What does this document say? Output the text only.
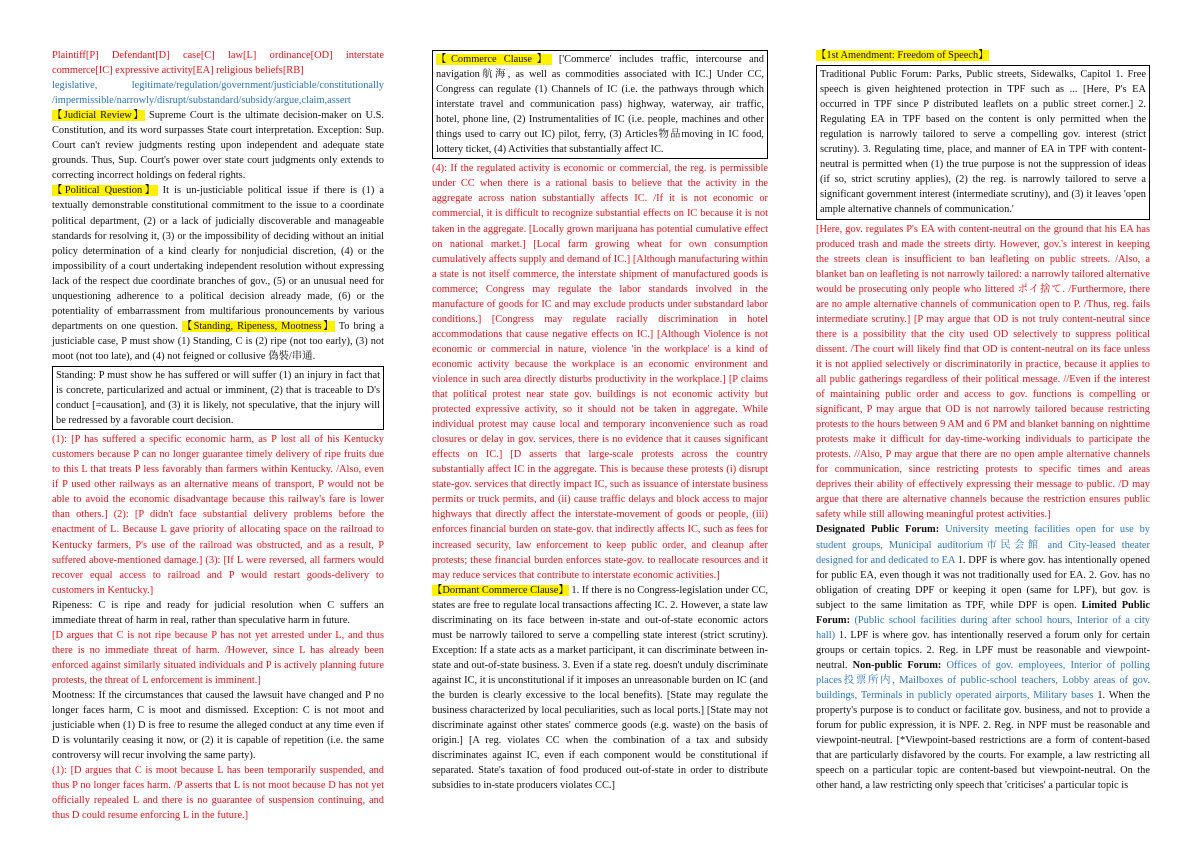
Plaintiff[P] Defendant[D] case[C] law[L] ordinance[OD] interstate commerce[IC] expressive activity[EA] religious beliefs[RB]

legislative, legitimate/regulation/government/justiciable/constitutionally /impermissible/narrowly/disrupt/substandard/subsidy/argue,claim,assert

【Judicial Review】 Supreme Court is the ultimate decision-maker on U.S. Constitution, and its word surpasses State court interpretation. Exception: Sup. Court can't review judgments resting upon independent and adequate state grounds. Thus, Sup. Court's power over state court judgments only extends to correcting incorrect holdings on federal rights.

【Political Question】 It is un-justiciable political issue if there is (1) a textually demonstrable constitutional commitment to the issue to a coordinate political department, (2) or a lack of judicially discoverable and manageable standards for resolving it, (3) or the impossibility of deciding without an initial policy determination of a kind clearly for nonjudicial discretion, (4) or the impossibility of a court undertaking independent resolution without expressing lack of the respect due coordinate branches of gov., (5) or an unusual need for unquestioning adherence to a political decision already made, (6) or the potentiality of embarrassment from multifarious pronouncements by various departments on one question. 【Standing, Ripeness, Mootness】 To bring a justiciable case, P must show (1) Standing, C is (2) ripe (not too early), (3) not moot (not too late), and (4) not feigned or collusive 偽裝/串通.

Standing: P must show he has suffered or will suffer (1) an injury in fact that is concrete, particularized and actual or imminent, (2) that is traceable to D's conduct [=causation], and (3) it is likely, not speculative, that the injury will be redressed by a favorable court decision.

(1): [P has suffered a specific economic harm, as P lost all of his Kentucky customers because P can no longer guarantee timely delivery of ripe fruits due to this L that treats P less favorably than farmers within Kentucky. /Also, even if P used other railways as an alternative means of transport, P would not be able to avoid the economic disadvantage because this railway's fare is lower than others.] (2): [P didn't face substantial delivery problems before the enactment of L. Because L gave priority of allocating space on the railroad to Kentucky farmers, P's use of the railroad was obstructed, and as a result, P suffered above-mentioned damage.] (3): [If L were reversed, all farmers would recover equal access to railroad and P would restart goods-delivery to customers in Kentucky.]

Ripeness: C is ripe and ready for judicial resolution when C suffers an immediate threat of harm in real, rather than speculative harm in future.

[D argues that C is not ripe because P has not yet arrested under L, and thus there is no immediate threat of harm. /However, since L has already been enforced against similarly situated individuals and P is actively planning future protests, the threat of L enforcement is imminent.]

Mootness: If the circumstances that caused the lawsuit have changed and P no longer faces harm, C is moot and dismissed. Exception: C is not moot and justiciable when (1) D is free to resume the alleged conduct at any time even if D is voluntarily ceasing it now, or (2) it is capable of repetition (i.e. the same controversy will recur involving the same party).

(1): [D argues that C is moot because L has been temporarily suspended, and thus P no longer faces harm. /P asserts that L is not moot because D has not yet officially repealed L and there is no guarantee of suspension continuing, and thus D could resume enforcing L in the future.]

【Commerce Clause】 ['Commerce' includes traffic, intercourse and navigation航海, as well as commodities associated with IC.] Under CC, Congress can regulate (1) Channels of IC (i.e. the pathways through which interstate travel and communication pass) highway, waterway, air traffic, hotel, phone line, (2) Instrumentalities of IC (i.e. people, machines and other things used to carry out IC) pilot, ferry, (3) Articles物品moving in IC food, lottery ticket, (4) Activities that substantially affect IC.

(4): If the regulated activity is economic or commercial, the reg. is permissible under CC when there is a rational basis to believe that the activity in the aggregate across nation substantially affects IC. /If it is not economic or commercial, it is difficult to recognize substantial effects on IC because it is not taken in the aggregate. [Locally grown marijuana has potential cumulative effect on national market.] [Local farm growing wheat for own consumption cumulatively affects supply and demand of IC.] [Although manufacturing within a state is not itself commerce, the interstate shipment of manufactured goods is commerce; Congress may regulate the labor standards involved in the manufacture of goods for IC and may exclude products under substandard labor conditions.] [Congress may regulate racially discrimination in hotel accommodations that cause negative effects on IC.] [Although Violence is not economic or commercial in nature, violence 'in the workplace' is a kind of economic activity because the workplace is an economic environment and violence in such area directly disturbs productivity in the workplace.] [P claims that political protest near state gov. buildings is not economic activity but protected expressive activity, so it should not be taken in aggregate. While individual protest may cause local and temporary inconvenience such as road closures or delay in gov. services, there is no evidence that it causes significant effects on IC.] [D asserts that large-scale protests across the country substantially affect IC in the aggregate. This is because these protests (i) disrupt state-gov. services that directly impact IC, such as issuance of interstate business permits or truck permits, and (ii) cause traffic delays and block access to major highways that directly affect the interstate-movement of goods or people, (iii) enforces financial burden on state-gov. that indirectly affects IC, such as fees for increased security, law enforcement to keep public order, and cleanup after protests; these financial burden enforces state-gov. to reallocate resources and it may reduce services that contribute to interstate economic activities.]

【Dormant Commerce Clause】 1. If there is no Congress-legislation under CC, states are free to regulate local transactions affecting IC. 2. However, a state law discriminating on its face between in-state and out-of-state economic actors must be narrowly tailored to serve a compelling state interest (strict scrutiny). Exception: If a state acts as a market participant, it can discriminate between in-state and out-of-state business. 3. Even if a state reg. doesn't unduly discriminate against IC, it is unconstitutional if it imposes an unreasonable burden on IC (and the burden is clearly excessive to the local benefits). [State may regulate the business characterized by local peculiarities, such as local ports.] [State may not discriminate against other states' commerce goods (e.g. waste) on the basis of origin.] [A reg. violates CC when the combination of a tax and subsidy discriminates against IC, even if each component would be constitutional if separated. State's taxation of food produced out-of-state in order to distribute subsidies to in-state producers violates CC.]

【1st Amendment: Freedom of Speech】

Traditional Public Forum: Parks, Public streets, Sidewalks, Capitol 1. Free speech is given heightened protection in TPF such as ... [Here, P's EA occurred in TPF since P distributed leaflets on a public street corner.] 2. Regulating EA in TPF based on the content is only permitted when the regulation is narrowly tailored to serve a compelling gov. interest (strict scrutiny). 3. Regulating time, place, and manner of EA in TPF with content-neutral is permitted when (1) the true purpose is not the suppression of ideas (if so, strict scrutiny applies), (2) the reg. is narrowly tailored to serve a significant government interest (intermediate scrutiny), and (3) it leaves 'open ample alternative channels of communication.'

[Here, gov. regulates P's EA with content-neutral on the ground that his EA has produced trash and made the streets dirty. However, gov.'s interest in keeping the streets clean is insufficient to ban leafleting on public streets. /Also, a blanket ban on leafleting is not narrowly tailored: a narrowly tailored alternative would be prosecuting only people who littered ポイ捨て. /Furthermore, there are no ample alternative channels of communication open to P. /Thus, reg. fails intermediate scrutiny.] [P may argue that OD is not truly content-neutral since there is a possibility that the city used OD selectively to suppress political dissent. /The court will likely find that OD is content-neutral on its face unless it is not applied selectively or discriminatorily in practice, because it applies to all public gatherings regardless of their political message. //Even if the interest of maintaining public order and access to gov. functions is compelling or significant, P may argue that OD is not narrowly tailored because restricting protests to the hours between 9 AM and 6 PM and blanket banning on nighttime protests make it difficult for day-time-working individuals to participate the protests. //Also, P may argue that there are no open ample alternative channels for communication, since restricting protests to specific times and areas deprives their ability of effectively expressing their message to public. /D may argue that there are alternative channels because the restriction ensures public safety while still allowing meaningful protest activities.]

Designated Public Forum: University meeting facilities open for use by student groups, Municipal auditorium市民会館 and City-leased theater designed for and dedicated to EA 1. DPF is where gov. has intentionally opened for public EA, even though it was not traditionally used for EA. 2. Gov. has no obligation of creating DPF or keeping it open (same for LPF), but gov. is subject to the same limitation as TPF, while DPF is open. Limited Public Forum: (Public school facilities during after school hours, Interior of a city hall) 1. LPF is where gov. has intentionally reserved a forum only for certain groups or certain topics. 2. Reg. in LPF must be reasonable and viewpoint-neutral. Non-public Forum: Offices of gov. employees, Interior of polling places投票所内, Mailboxes of public-school teachers, Lobby areas of gov. buildings, Terminals in publicly operated airports, Military bases 1. When the property's purpose is to conduct or facilitate gov. business, and not to provide a forum for public expression, it is NPF. 2. Reg. in NPF must be reasonable and viewpoint-neutral. [*Viewpoint-based restrictions are a form of content-based that are particularly disfavored by the courts. For example, a law restricting all speech on a particular topic are content-based but viewpoint-neutral. On the other hand, a law restricting only speech that 'criticises' a particular topic is
